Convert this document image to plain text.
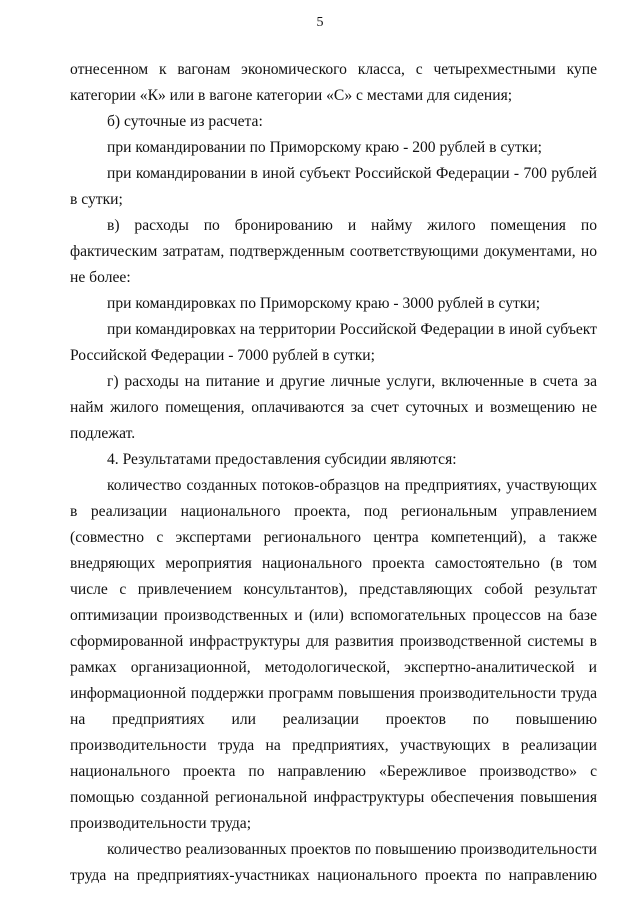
5

отнесенном к вагонам экономического класса, с четырехместными купе категории «К» или в вагоне категории «С» с местами для сидения;

б) суточные из расчета:

при командировании по Приморскому краю - 200 рублей в сутки;

при командировании в иной субъект Российской Федерации - 700 рублей в сутки;

в) расходы по бронированию и найму жилого помещения по фактическим затратам, подтвержденным соответствующими документами, но не более:

при командировках по Приморскому краю - 3000 рублей в сутки;

при командировках на территории Российской Федерации в иной субъект Российской Федерации - 7000 рублей в сутки;

г) расходы на питание и другие личные услуги, включенные в счета за найм жилого помещения, оплачиваются за счет суточных и возмещению не подлежат.

4. Результатами предоставления субсидии являются:

количество созданных потоков-образцов на предприятиях, участвующих в реализации национального проекта, под региональным управлением (совместно с экспертами регионального центра компетенций), а также внедряющих мероприятия национального проекта самостоятельно (в том числе с привлечением консультантов), представляющих собой результат оптимизации производственных и (или) вспомогательных процессов на базе сформированной инфраструктуры для развития производственной системы в рамках организационной, методологической, экспертно-аналитической и информационной поддержки программ повышения производительности труда на предприятиях или реализации проектов по повышению производительности труда на предприятиях, участвующих в реализации национального проекта по направлению «Бережливое производство» с помощью созданной региональной инфраструктуры обеспечения повышения производительности труда;

количество реализованных проектов по повышению производительности труда на предприятиях-участниках национального проекта по направлению
